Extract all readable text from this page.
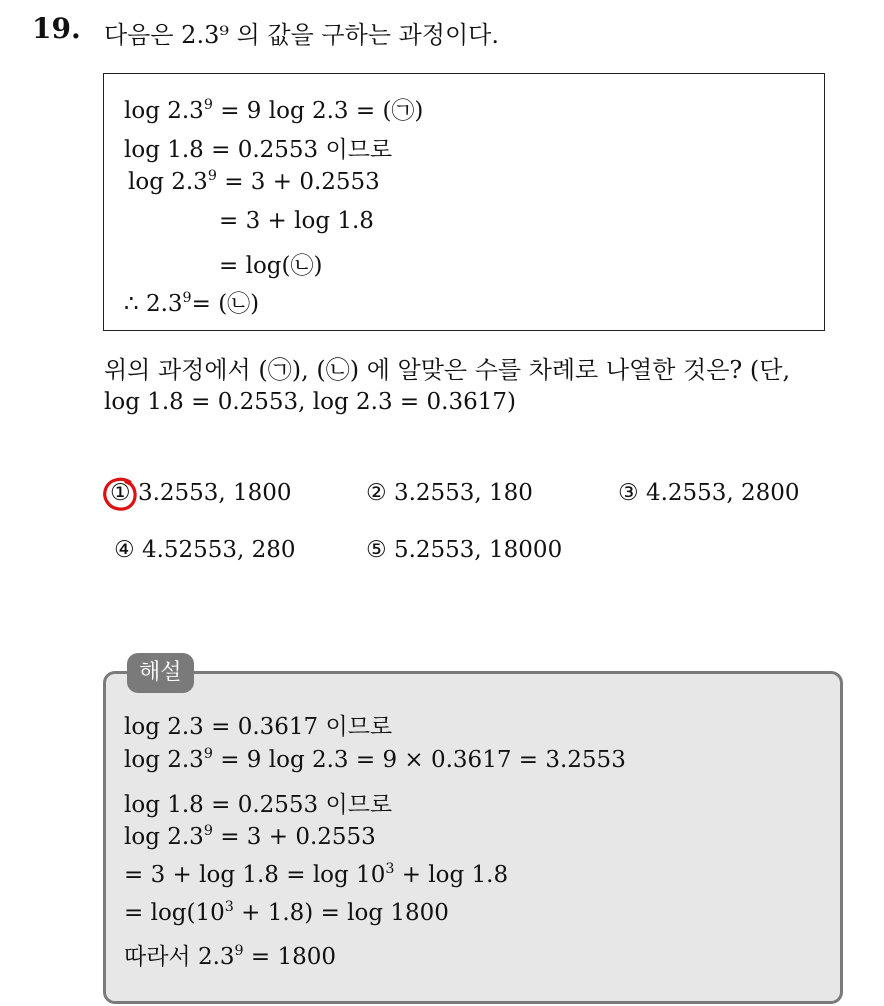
19. 다음은 2.3⁹ 의 값을 구하는 과정이다.
$\log 2.3^9 = 9$ log 2.3 = (㉠)
log 1.8 = 0.2553 이므로
$\log 2.3^9 = 3 + 0.2553$
= 3 + log 1.8
= log(㉡)
∴ $2.3^9=$ (㉡)
위의 과정에서 (㉠), (㉡) 에 알맞은 수를 차례로 나열한 것은? (단,
log 1.8 = 0.2553, log 2.3 = 0.3617)
① 3.2553, 1800	② 3.2553, 180	③ 4.2553, 2800
④ 4.52553, 280	⑤ 5.2553, 18000
해설
log 2.3 = 0.3617 이므로
$\log 2.3^9 = 9$ log 2.3 = 9 × 0.3617 = 3.2553
log 1.8 = 0.2553 이므로
$\log 2.3^9 = 3 + 0.2553$
= $3 + \log 1.8 = \log 10^3 + \log 1.8$
= $\log(10^3 + 1.8) = \log 1800$
따라서 $2.3^9 = 1800$
